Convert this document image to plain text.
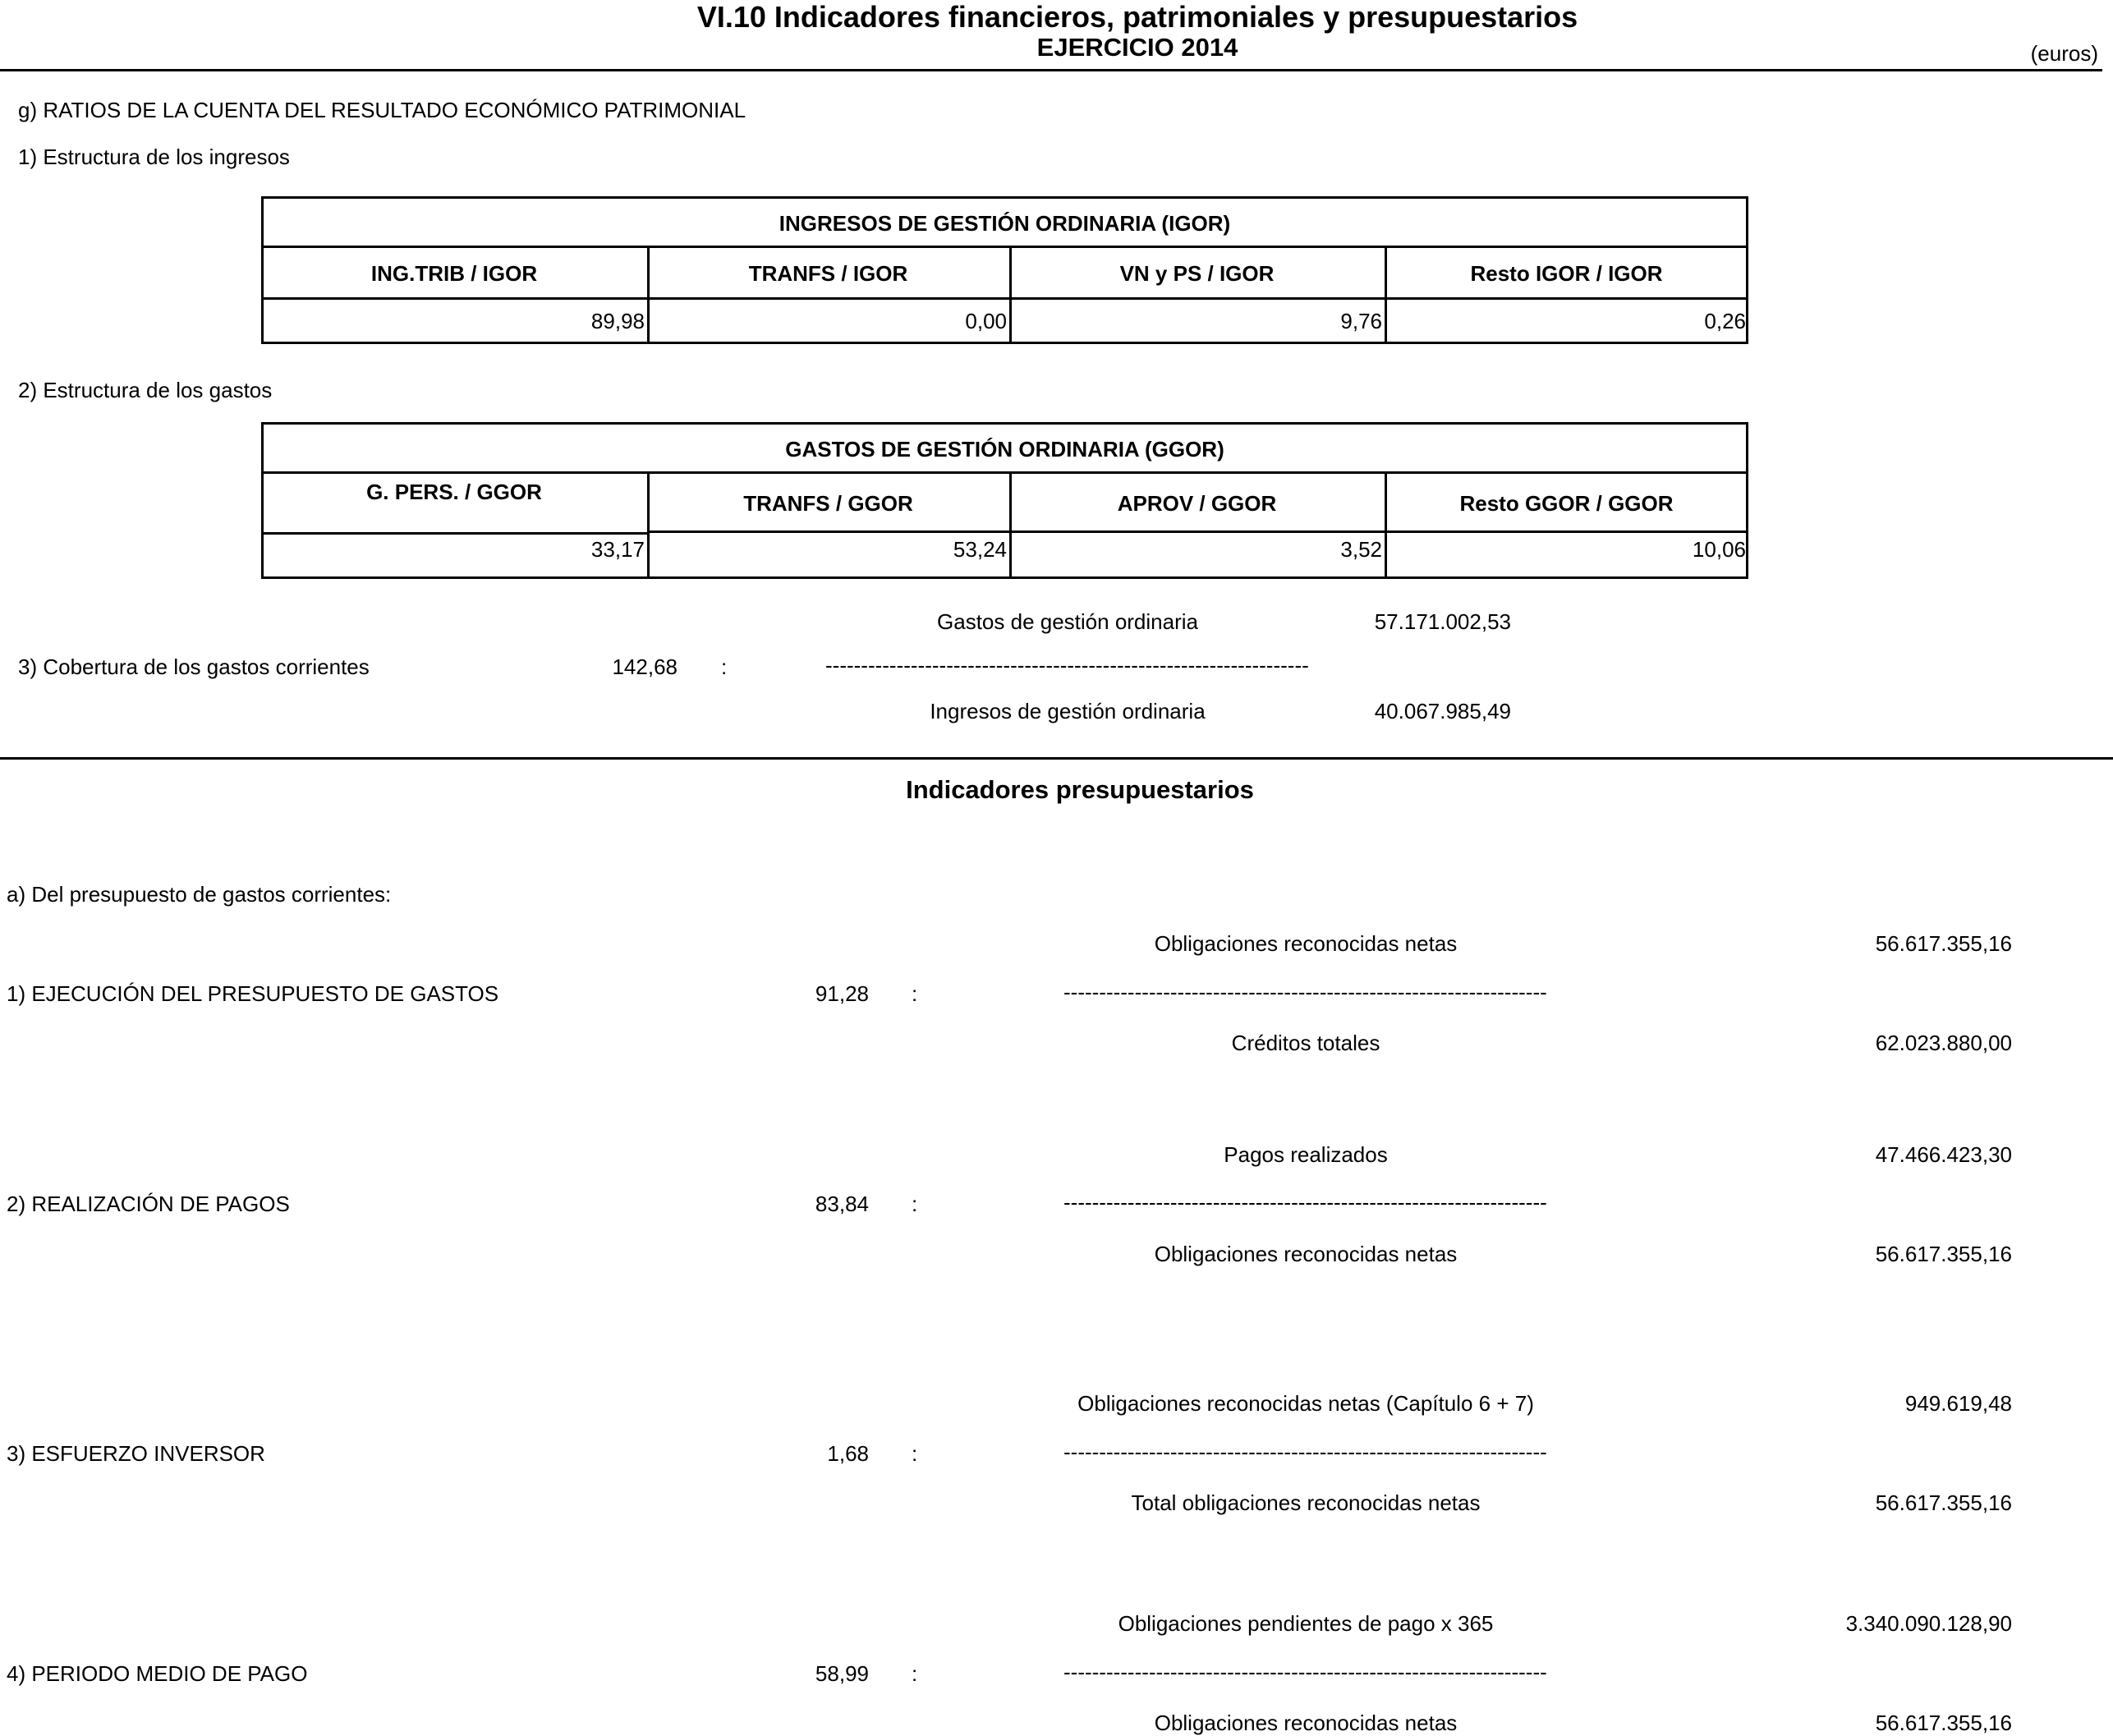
VI.10 Indicadores financieros, patrimoniales y presupuestarios
EJERCICIO 2014	(euros)
g) RATIOS DE LA CUENTA DEL RESULTADO ECONÓMICO PATRIMONIAL
1) Estructura de los ingresos
INGRESOS DE GESTIÓN ORDINARIA (IGOR)
ING.TRIB / IGOR	TRANFS / IGOR	VN y PS / IGOR	Resto IGOR / IGOR
89,98	0,00	9,76	0,26
2) Estructura de los gastos
GASTOS DE GESTIÓN ORDINARIA (GGOR)
G. PERS. / GGOR	TRANFS / GGOR	APROV / GGOR	Resto GGOR / GGOR
33,17	53,24	3,52	10,06
Gastos de gestión ordinaria	57.171.002,53
3) Cobertura de los gastos corrientes	142,68 :	--------------------------------------------------------------------
Ingresos de gestión ordinaria	40.067.985,49
Indicadores presupuestarios
a) Del presupuesto de gastos corrientes:
Obligaciones reconocidas netas	56.617.355,16
1) EJECUCIÓN DEL PRESUPUESTO DE GASTOS	91,28 :	--------------------------------------------------------------------
Créditos totales	62.023.880,00
Pagos realizados	47.466.423,30
2) REALIZACIÓN DE PAGOS	83,84 :	--------------------------------------------------------------------
Obligaciones reconocidas netas	56.617.355,16
Obligaciones reconocidas netas (Capítulo 6 + 7)	949.619,48
3) ESFUERZO INVERSOR	1,68 :	--------------------------------------------------------------------
Total obligaciones reconocidas netas	56.617.355,16
Obligaciones pendientes de pago x 365	3.340.090.128,90
4) PERIODO MEDIO DE PAGO	58,99 :	--------------------------------------------------------------------
Obligaciones reconocidas netas	56.617.355,16
